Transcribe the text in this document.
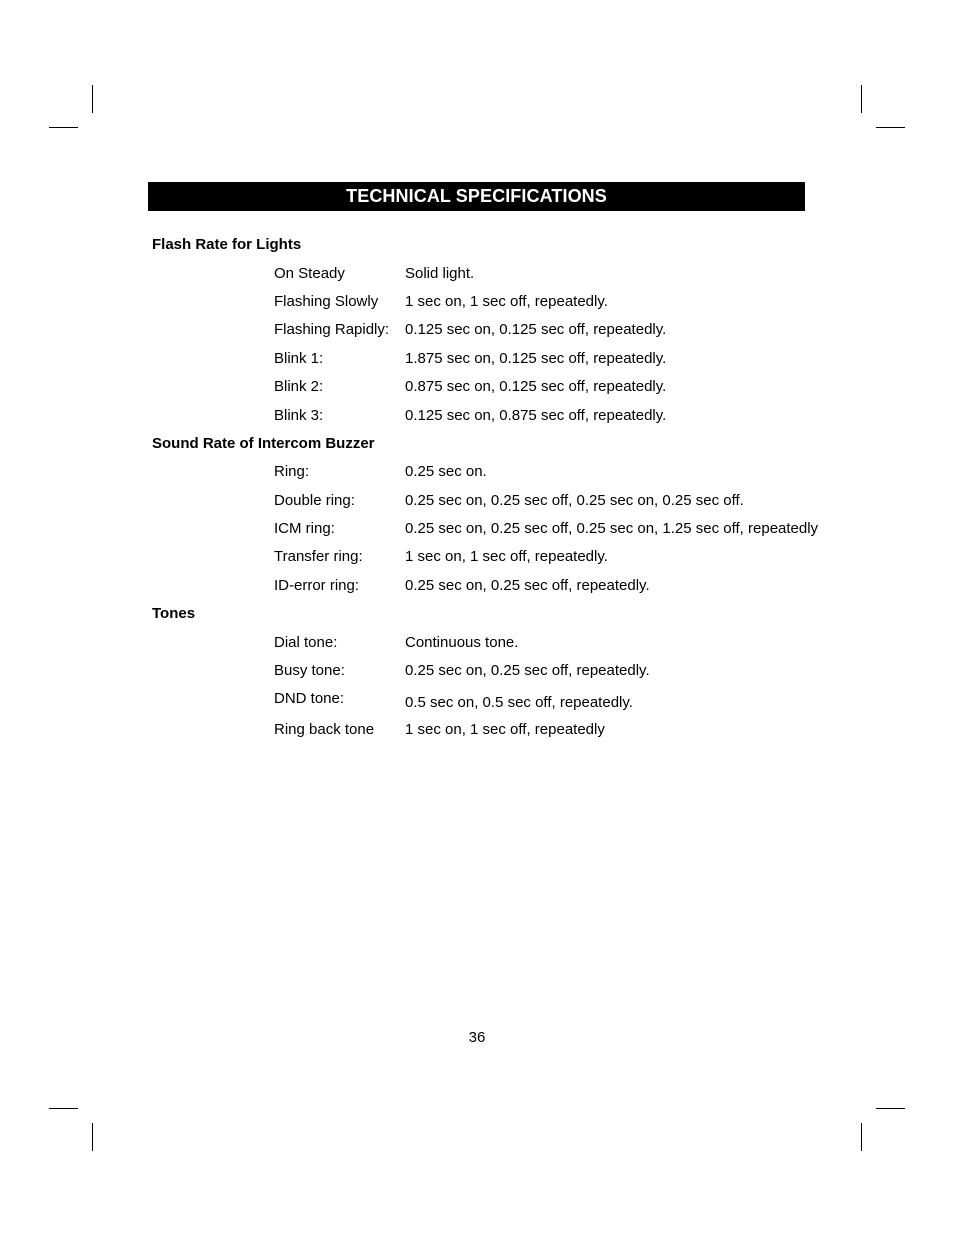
TECHNICAL SPECIFICATIONS
Flash Rate for Lights
On Steady	Solid light.
Flashing Slowly 1 sec on, 1 sec off, repeatedly.
Flashing Rapidly: 0.125 sec on, 0.125 sec off, repeatedly.
Blink 1:	1.875 sec on, 0.125 sec off, repeatedly.
Blink 2:	0.875 sec on, 0.125 sec off, repeatedly.
Blink 3:	0.125 sec on, 0.875 sec off, repeatedly.
Sound Rate of Intercom Buzzer
Ring:	0.25 sec on.
Double ring:	0.25 sec on, 0.25 sec off, 0.25 sec on, 0.25 sec off.
ICM ring:	0.25 sec on, 0.25 sec off, 0.25 sec on, 1.25 sec off, repeatedly
Transfer ring:	1 sec on, 1 sec off, repeatedly.
ID-error ring:	0.25 sec on, 0.25 sec off, repeatedly.
Tones
Dial tone:	Continuous tone.
Busy tone:	0.25 sec on, 0.25 sec off, repeatedly.
DND tone:	0.5 sec on, 0.5 sec off, repeatedly.
Ring back tone 1 sec on, 1 sec off, repeatedly
36
